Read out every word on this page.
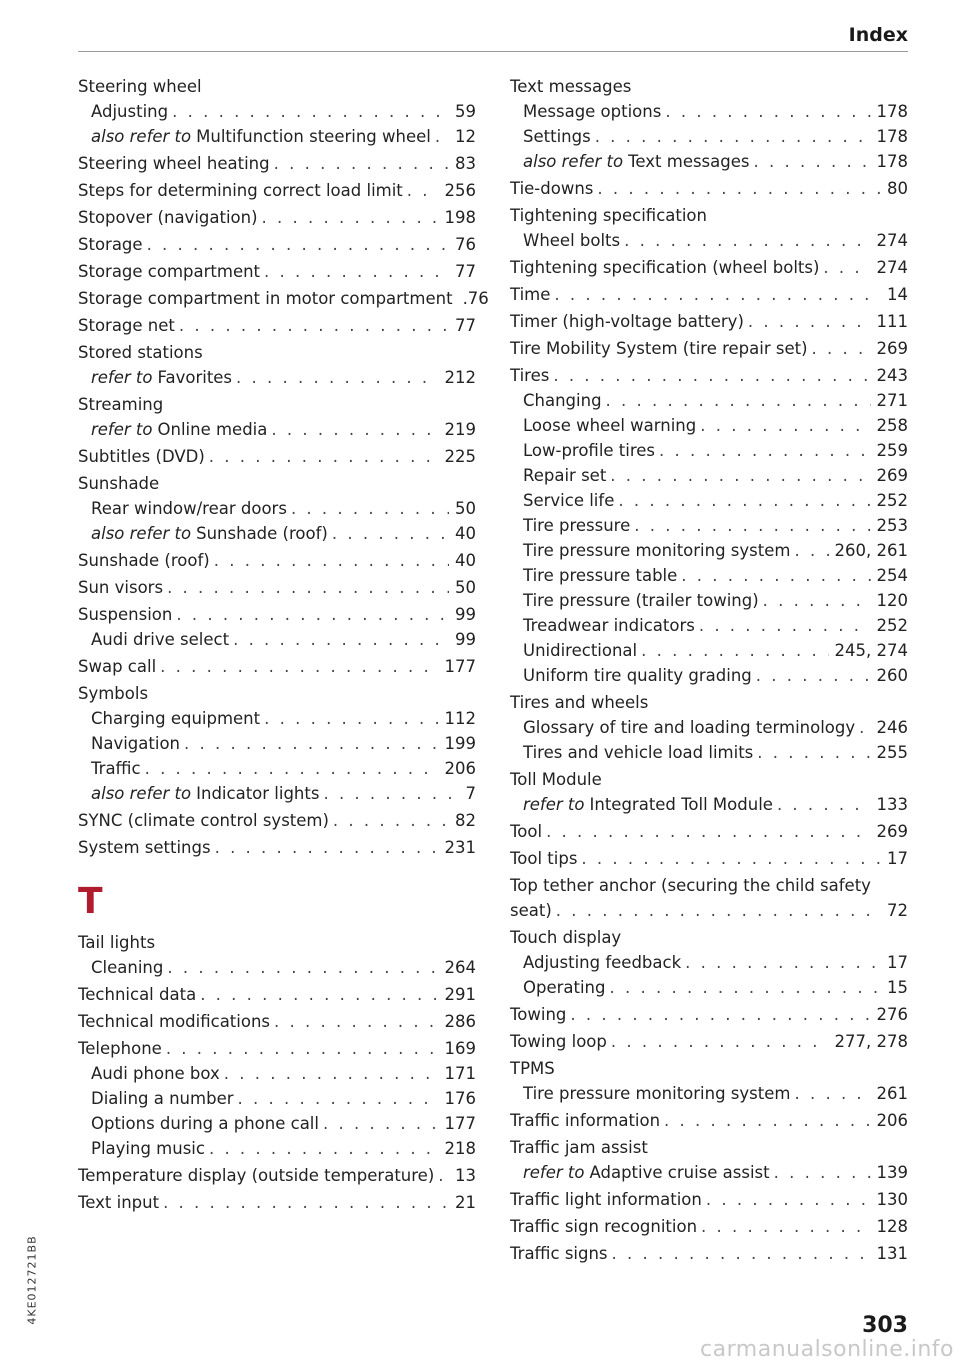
Index
Steering wheel
Adjusting . . .	59
also refer to Multifunction steering wheel . . . 12
Steering wheel heating . . .	83
Steps for determining correct load limit . . .	256
Stopover (navigation) . . .	198
Storage . . .	76
Storage compartment . . .	77
Storage compartment in motor compartment .76
Storage net . . .	77
Stored stations
refer to Favorites . . .	212
Streaming
refer to Online media . . .	219
Subtitles (DVD) . . .	225
Sunshade
Rear window/rear doors . . .	50
also refer to Sunshade (roof) . . .	40
Sunshade (roof) . . .	40
Sun visors . . .	50
Suspension . . .	99
Audi drive select . . .	99
Swap call . . .	177
Symbols
Charging equipment . . .	112
Navigation . . .	199
Traffic . . .	206
also refer to Indicator lights . . .	7
SYNC (climate control system) . . .	82
System settings . . .	231
T
Tail lights
Cleaning . . .	264
Technical data . . .	291
Technical modifications . . .	286
Telephone . . .	169
Audi phone box . . .	171
Dialing a number . . .	176
Options during a phone call . . .	177
Playing music . . .	218
Temperature display (outside temperature) . . . 13
Text input . . .	21
Text messages
Message options . . .	178
Settings . . .	178
also refer to Text messages . . .	178
Tie-downs . . .	80
Tightening specification
Wheel bolts . . .	274
Tightening specification (wheel bolts) . . .	274
Time . . .	14
Timer (high-voltage battery) . . .	111
Tire Mobility System (tire repair set) . . .	269
Tires . . .	243
Changing . . .	271
Loose wheel warning . . .	258
Low-profile tires . . .	259
Repair set . . .	269
Service life . . .	252
Tire pressure . . .	253
Tire pressure monitoring system . . .	260, 261
Tire pressure table . . .	254
Tire pressure (trailer towing) . . .	120
Treadwear indicators . . .	252
Unidirectional . . .	245, 274
Uniform tire quality grading . . .	260
Tires and wheels
Glossary of tire and loading terminology . . . 246
Tires and vehicle load limits . . .	255
Toll Module
refer to Integrated Toll Module . . .	133
Tool . . .	269
Tool tips . . .	17
Top tether anchor (securing the child safety
seat) . . .	72
Touch display
Adjusting feedback . . .	17
Operating . . .	15
Towing . . .	276
Towing loop . . .	277, 278
TPMS
Tire pressure monitoring system . . .	261
Traffic information . . .	206
Traffic jam assist
refer to Adaptive cruise assist . . .	139
Traffic light information . . .	130
Traffic sign recognition . . .	128
Traffic signs . . .	131
4KE012721BB
303
carmanualsonline.info
